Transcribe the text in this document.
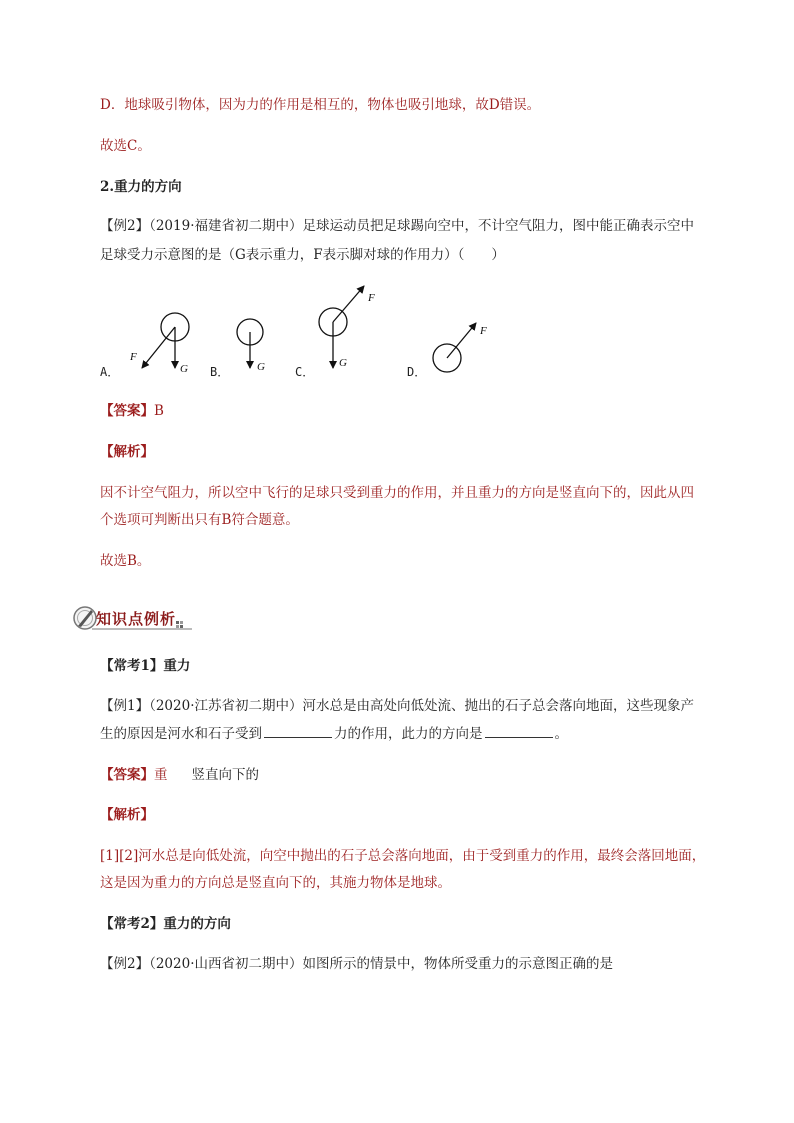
D．地球吸引物体，因为力的作用是相互的，物体也吸引地球，故D错误。
故选C。
2.重力的方向
【例2】（2019·福建省初二期中）足球运动员把足球踢向空中，不计空气阻力，图中能正确表示空中
足球受力示意图的是（G表示重力，F表示脚对球的作用力）（　　）
F
G	G
F
G
F
A．	B．	C．	D．
【答案】B
【解析】
因不计空气阻力，所以空中飞行的足球只受到重力的作用，并且重力的方向是竖直向下的，因此从四
个选项可判断出只有B符合题意。
故选B。
知识点例析
【常考1】重力
【例1】（2020·江苏省初二期中）河水总是由高处向低处流、抛出的石子总会落向地面，这些现象产
生的原因是河水和石子受到	力的作用，此力的方向是	。
【答案】重 竖直向下的
【解析】
[1][2]河水总是向低处流，向空中抛出的石子总会落向地面，由于受到重力的作用，最终会落回地面，
这是因为重力的方向总是竖直向下的，其施力物体是地球。
【常考2】重力的方向
【例2】（2020·山西省初二期中）如图所示的情景中，物体所受重力的示意图正确的是
